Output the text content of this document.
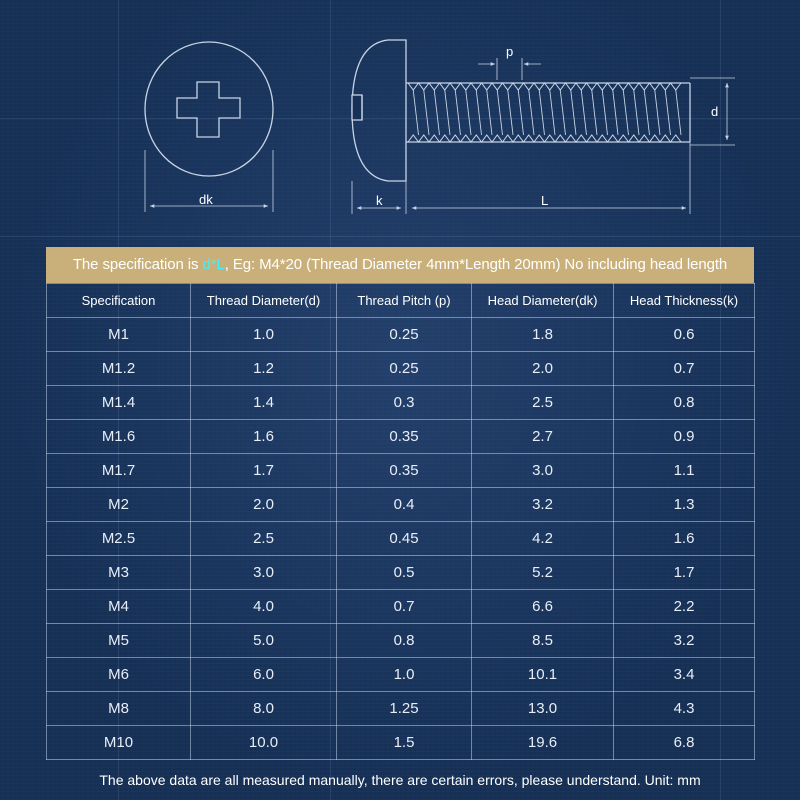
p
d
dk	k	L
The specification is d*L, Eg: M4*20 (Thread Diameter 4mm*Length 20mm) No including head length
Specification	Thread Diameter(d)	Thread Pitch (p)	Head Diameter(dk)	Head Thickness(k)
M1	1.0	0.25	1.8	0.6
M1.2	1.2	0.25	2.0	0.7
M1.4	1.4	0.3	2.5	0.8
M1.6	1.6	0.35	2.7	0.9
M1.7	1.7	0.35	3.0	1.1
M2	2.0	0.4	3.2	1.3
M2.5	2.5	0.45	4.2	1.6
M3	3.0	0.5	5.2	1.7
M4	4.0	0.7	6.6	2.2
M5	5.0	0.8	8.5	3.2
M6	6.0	1.0	10.1	3.4
M8	8.0	1.25	13.0	4.3
M10	10.0	1.5	19.6	6.8
The above data are all measured manually, there are certain errors, please understand. Unit: mm
